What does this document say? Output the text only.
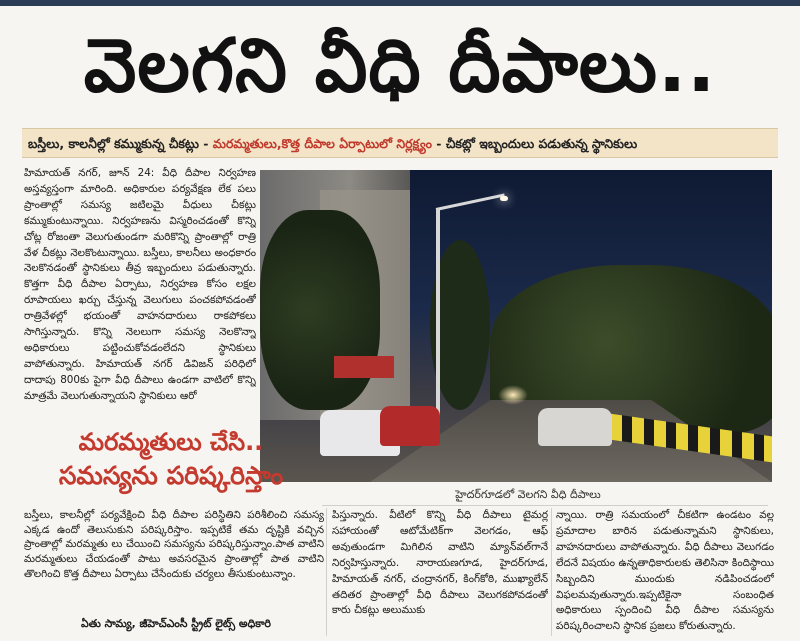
వెలగని వీధి దీపాలు..
బస్తీలు, కాలనీల్లో కమ్ముకున్న చీకట్లు - మరమ్మతులు,కొత్త దీపాల ఏర్పాటులో నిర్లక్ష్యం - చీకట్లో ఇబ్బందులు పడుతున్న స్థానికులు
హిమాయత్ నగర్, జూన్ 24: వీధి దీపాల నిర్వహణ అస్తవ్యస్తంగా మారింది. అధికారుల పర్యవేక్షణ లేక పలు ప్రాంతాల్లో సమస్య జటిలమై వీధులు చీకట్లు కమ్ముకుంటున్నాయి. నిర్వహణను విస్మరించడంతో కొన్ని చోట్ల రోజంతా వెలుగుతుండగా మరికొన్ని ప్రాంతాల్లో రాత్రి వేళ చీకట్లు నెలకొంటున్నాయి. బస్తీలు, కాలనీలు అంధకారం నెలకొనడంతో స్థానికులు తీవ్ర ఇబ్బందులు పడుతున్నారు. కొత్తగా వీధి దీపాల ఏర్పాటు, నిర్వహణ కోసం లక్షల రూపాయలు ఖర్చు చేస్తున్న వెలుగులు పంచకపోవడంతో రాత్రివేళల్లో భయంతో వాహనదారులు రాకపోకలు సాగిస్తున్నారు. కొన్ని నెలలుగా సమస్య నెలకొన్నా అధికారులు పట్టించుకోవడంలేదని స్థానికులు వాపోతున్నారు. హిమాయత్ నగర్ డివిజన్ పరిధిలో దాదాపు 800కు పైగా వీధి దీపాలు ఉండగా వాటిలో కొన్ని మాత్రమే వెలుగుతున్నాయని స్థానికులు ఆరో
హైదర్‌గూడలో వెలగని వీధి దీపాలు
మరమ్మతులు చేసి..
సమస్యను పరిష్కరిస్తాం
బస్తీలు, కాలనీల్లో పర్యవేక్షించి వీధి దీపాల పరిస్థితిని పరిశీలించి సమస్య ఎక్కడ ఉందో తెలుసుకుని పరిష్కరిస్తాం. ఇప్పటికే తమ దృష్టికి వచ్చిన ప్రాంతాల్లో మరమ్మతు లు చేయించి సమస్యను పరిష్కరిస్తున్నాం.పాత వాటిని మరమ్మతులు చేయడంతో పాటు అవసరమైన ప్రాంతాల్లో పాత వాటిని తొలగించి కొత్త దీపాలు ఏర్పాటు చేసేందుకు చర్యలు తీసుకుంటున్నాం.
ఏతు సామ్య, జీహెచ్ఎంసీ స్ట్రీట్ లైట్స్ అధికారి
పిస్తున్నారు. వీటిలో కొన్ని వీధి దీపాలు టైమర్ల సహాయంతో ఆటోమేటిక్‌గా వెలగడం, ఆఫ్ అవుతుండగా మిగిలిన వాటిని మ్యాన్‌వల్‌గానే నిర్వహిస్తున్నారు. నారాయణగూడ, హైదర్‌గూడ, హిమాయత్ నగర్, చంద్రానగర్, కింగ్‌కోఠి, ముఖ్యాలేన్ తదితర ప్రాంతాల్లో వీధి దీపాలు వెలుగకపోవడంతో కారు చీకట్లు అలుముకు
న్నాయి. రాత్రి సమయంలో చీకటిగా ఉండటం వల్ల ప్రమాదాల బారిన పడుతున్నామని స్థానికులు, వాహనదారులు వాపోతున్నారు. వీధి దీపాలు వెలుగడం లేదనే విషయం ఉన్నతాధికారులకు తెలిసినా కిందిస్థాయి సిబ్బందిని ముందుకు నడిపించడంలో విఫలమవుతున్నారు.ఇప్పటికైనా సంబంధిత అధికారులు స్పందించి వీధి దీపాల సమస్యను పరిష్కరించాలని స్థానిక ప్రజలు కోరుతున్నారు.
